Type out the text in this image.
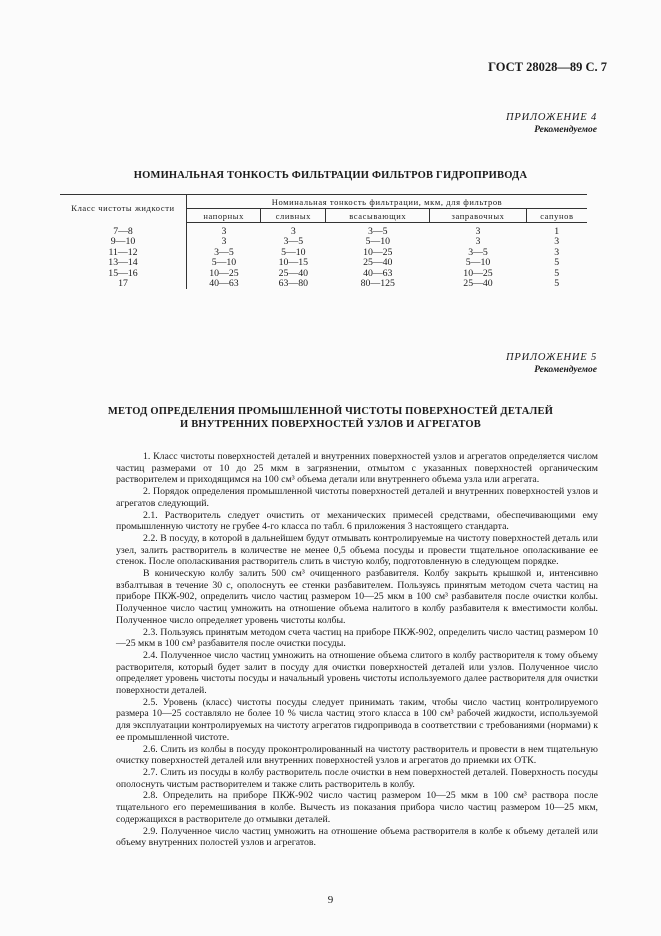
ГОСТ 28028—89 С. 7
ПРИЛОЖЕНИЕ 4
Рекомендуемое
НОМИНАЛЬНАЯ ТОНКОСТЬ ФИЛЬТРАЦИИ ФИЛЬТРОВ ГИДРОПРИВОДА
Класс чистоты жидкости	Номинальная тонкость фильтрации, мкм, для фильтров				
	напорных	сливных	всасывающих	заправочных	сапунов
7—8	3	3	3—5	3	1
9—10	3	3—5	5—10	3	3
11—12	3—5	5—10	10—25	3—5	3
13—14	5—10	10—15	25—40	5—10	5
15—16	10—25	25—40	40—63	10—25	5
17	40—63	63—80	80—125	25—40	5
ПРИЛОЖЕНИЕ 5
Рекомендуемое
МЕТОД ОПРЕДЕЛЕНИЯ ПРОМЫШЛЕННОЙ ЧИСТОТЫ ПОВЕРХНОСТЕЙ ДЕТАЛЕЙ
И ВНУТРЕННИХ ПОВЕРХНОСТЕЙ УЗЛОВ И АГРЕГАТОВ

1. Класс чистоты поверхностей деталей и внутренних поверхностей узлов и агрегатов определяется числом частиц размерами от 10 до 25 мкм в загрязнении, отмытом с указанных поверхностей органическим растворителем и приходящимся на 100 см³ объема детали или внутреннего объема узла или агрегата.

2. Порядок определения промышленной чистоты поверхностей деталей и внутренних поверхностей узлов и агрегатов следующий.

2.1. Растворитель следует очистить от механических примесей средствами, обеспечивающими ему промышленную чистоту не грубее 4-го класса по табл. 6 приложения 3 настоящего стандарта.

2.2. В посуду, в которой в дальнейшем будут отмывать контролируемые на чистоту поверхностей деталь или узел, залить растворитель в количестве не менее 0,5 объема посуды и провести тщательное ополаскивание ее стенок. После ополаскивания растворитель слить в чистую колбу, подготовленную в следующем порядке.

В коническую колбу залить 500 см³ очищенного разбавителя. Колбу закрыть крышкой и, интенсивно взбалтывая в течение 30 с, ополоснуть ее стенки разбавителем. Пользуясь принятым методом счета частиц на приборе ПКЖ-902, определить число частиц размером 10—25 мкм в 100 см³ разбавителя после очистки колбы. Полученное число частиц умножить на отношение объема налитого в колбу разбавителя к вместимости колбы. Полученное число определяет уровень чистоты колбы.

2.3. Пользуясь принятым методом счета частиц на приборе ПКЖ-902, определить число частиц размером 10—25 мкм в 100 см³ разбавителя после очистки посуды.

2.4. Полученное число частиц умножить на отношение объема слитого в колбу растворителя к тому объему растворителя, который будет залит в посуду для очистки поверхностей деталей или узлов. Полученное число определяет уровень чистоты посуды и начальный уровень чистоты используемого далее растворителя для очистки поверхности деталей.

2.5. Уровень (класс) чистоты посуды следует принимать таким, чтобы число частиц контролируемого размера 10—25 составляло не более 10 % числа частиц этого класса в 100 см³ рабочей жидкости, используемой для эксплуатации контролируемых на чистоту агрегатов гидропривода в соответствии с требованиями (нормами) к ее промышленной чистоте.

2.6. Слить из колбы в посуду проконтролированный на чистоту растворитель и провести в нем тщательную очистку поверхностей деталей или внутренних поверхностей узлов и агрегатов до приемки их ОТК.

2.7. Слить из посуды в колбу растворитель после очистки в нем поверхностей деталей. Поверхность посуды ополоснуть чистым растворителем и также слить растворитель в колбу.

2.8. Определить на приборе ПКЖ-902 число частиц размером 10—25 мкм в 100 см³ раствора после тщательного его перемешивания в колбе. Вычесть из показания прибора число частиц размером 10—25 мкм, содержащихся в растворителе до отмывки деталей.

2.9. Полученное число частиц умножить на отношение объема растворителя в колбе к объему деталей или объему внутренних полостей узлов и агрегатов.

9
